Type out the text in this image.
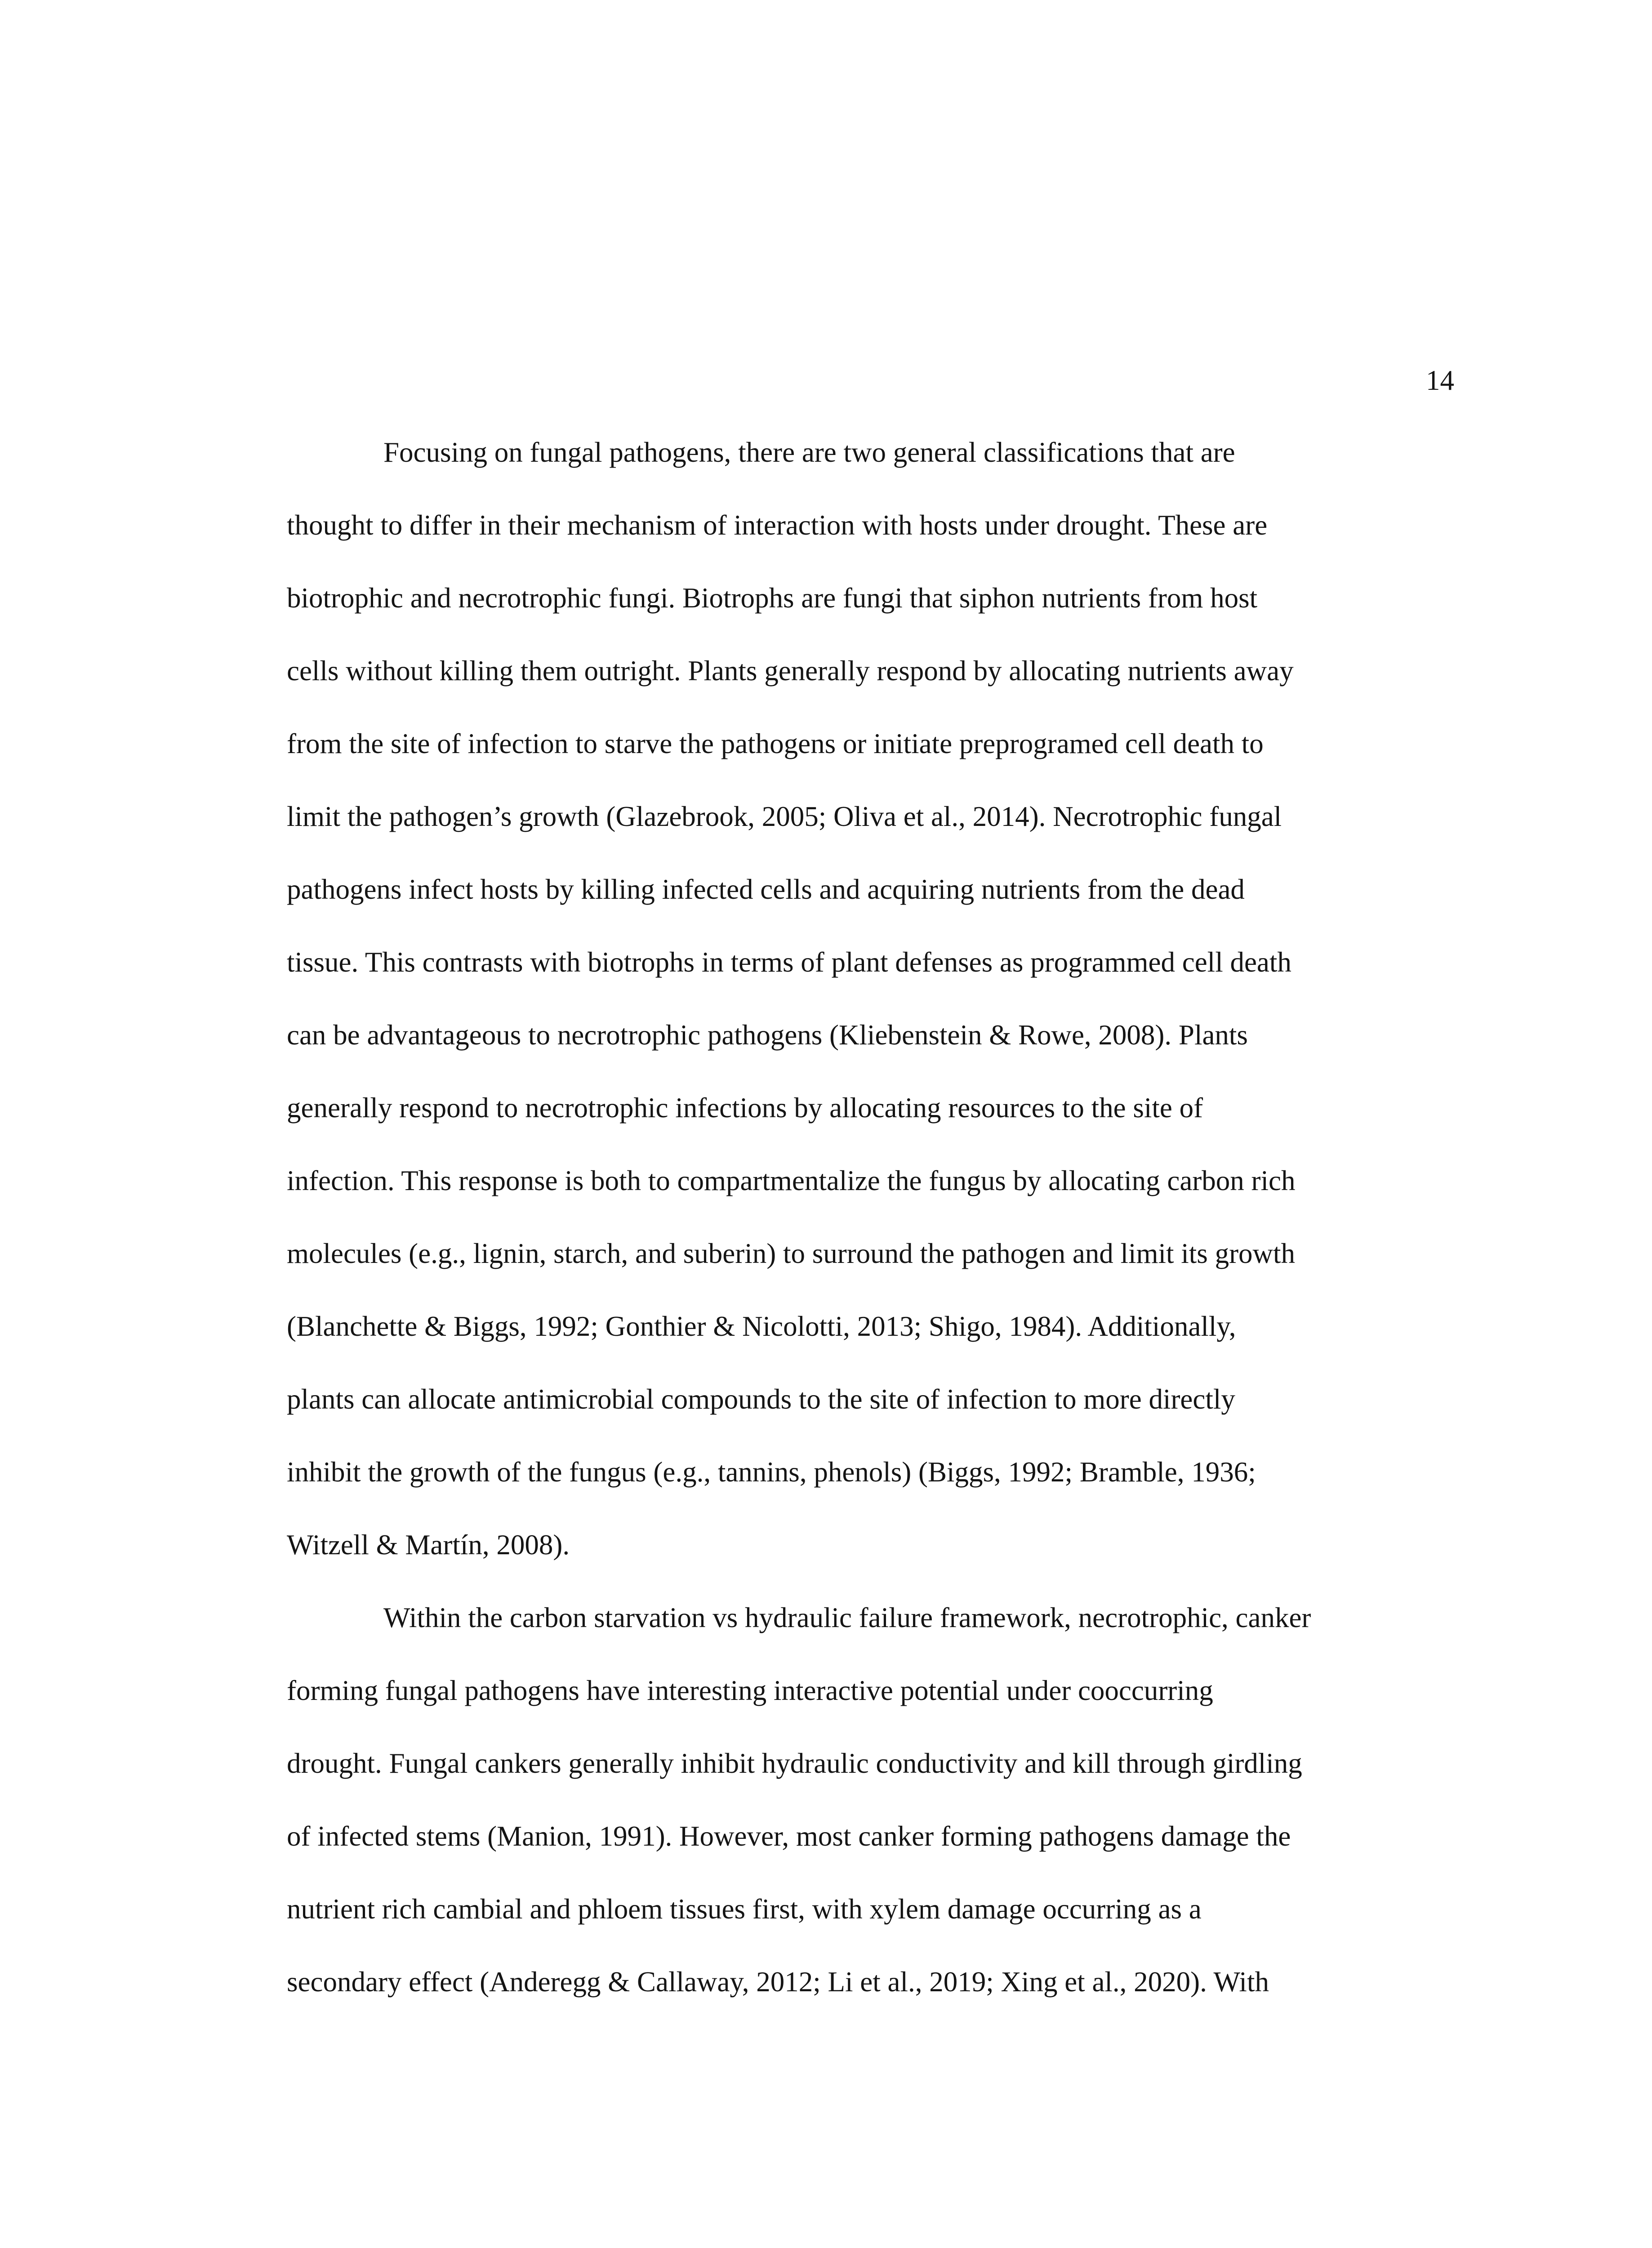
14
Focusing on fungal pathogens, there are two general classifications that are
thought to differ in their mechanism of interaction with hosts under drought. These are
biotrophic and necrotrophic fungi. Biotrophs are fungi that siphon nutrients from host
cells without killing them outright. Plants generally respond by allocating nutrients away
from the site of infection to starve the pathogens or initiate preprogramed cell death to
limit the pathogen’s growth (Glazebrook, 2005; Oliva et al., 2014). Necrotrophic fungal
pathogens infect hosts by killing infected cells and acquiring nutrients from the dead
tissue. This contrasts with biotrophs in terms of plant defenses as programmed cell death
can be advantageous to necrotrophic pathogens (Kliebenstein & Rowe, 2008). Plants
generally respond to necrotrophic infections by allocating resources to the site of
infection. This response is both to compartmentalize the fungus by allocating carbon rich
molecules (e.g., lignin, starch, and suberin) to surround the pathogen and limit its growth
(Blanchette & Biggs, 1992; Gonthier & Nicolotti, 2013; Shigo, 1984). Additionally,
plants can allocate antimicrobial compounds to the site of infection to more directly
inhibit the growth of the fungus (e.g., tannins, phenols) (Biggs, 1992; Bramble, 1936;
Witzell & Martín, 2008).
Within the carbon starvation vs hydraulic failure framework, necrotrophic, canker
forming fungal pathogens have interesting interactive potential under cooccurring
drought. Fungal cankers generally inhibit hydraulic conductivity and kill through girdling
of infected stems (Manion, 1991). However, most canker forming pathogens damage the
nutrient rich cambial and phloem tissues first, with xylem damage occurring as a
secondary effect (Anderegg & Callaway, 2012; Li et al., 2019; Xing et al., 2020). With
